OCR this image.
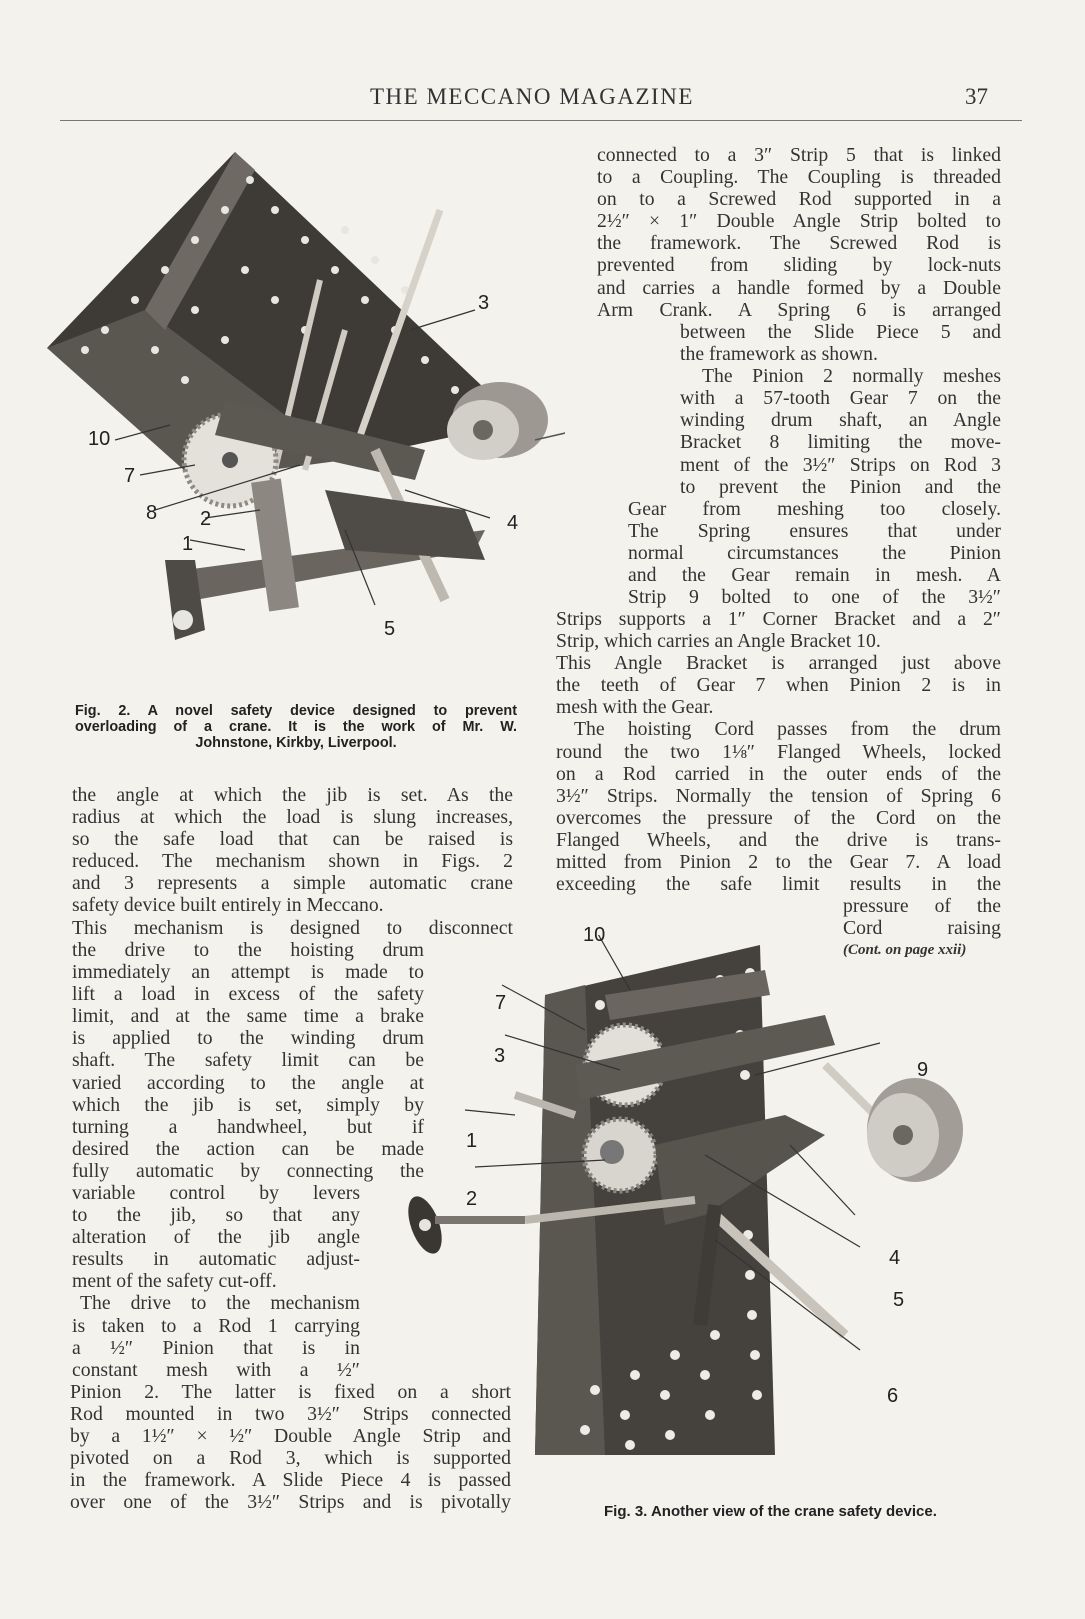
THE MECCANO MAGAZINE	37
3
10
7
8 2
1
4
5
Fig. 2. A novel safety device designed to prevent
overloading of a crane. It is the work of Mr. W.
Johnstone, Kirkby, Liverpool.

connected to a 3″ Strip 5 that is linked

to a Coupling. The Coupling is threaded

on to a Screwed Rod supported in a

2½″ × 1″ Double Angle Strip bolted to

the framework. The Screwed Rod is

prevented from sliding by lock-nuts

and carries a handle formed by a Double

Arm Crank. A Spring 6 is arranged

between the Slide Piece 5 and

the framework as shown.

The Pinion 2 normally meshes

with a 57-tooth Gear 7 on the

winding drum shaft, an Angle

Bracket 8 limiting the move-

ment of the 3½″ Strips on Rod 3

to prevent the Pinion and the

Gear from meshing too closely.

The Spring ensures that under

normal circumstances the Pinion

and the Gear remain in mesh. A

Strip 9 bolted to one of the 3½″

Strips supports a 1″ Corner Bracket and a 2″

Strip, which carries an Angle Bracket 10.

This Angle Bracket is arranged just above

the teeth of Gear 7 when Pinion 2 is in

mesh with the Gear.

The hoisting Cord passes from the drum

round the two 1⅛″ Flanged Wheels, locked

on a Rod carried in the outer ends of the

3½″ Strips. Normally the tension of Spring 6

overcomes the pressure of the Cord on the

Flanged Wheels, and the drive is trans-

mitted from Pinion 2 to the Gear 7. A load

exceeding the safe limit results in the

pressure of the

Cord raising

(Cont. on page xxii)

the angle at which the jib is set. As the

radius at which the load is slung increases,

so the safe load that can be raised is

reduced. The mechanism shown in Figs. 2

and 3 represents a simple automatic crane

safety device built entirely in Meccano.

This mechanism is designed to disconnect

the drive to the hoisting drum

immediately an attempt is made to

lift a load in excess of the safety

limit, and at the same time a brake

is applied to the winding drum

shaft. The safety limit can be

varied according to the angle at

which the jib is set, simply by

turning a handwheel, but if

desired the action can be made

fully automatic by connecting the

variable control by levers

to the jib, so that any

alteration of the jib angle

results in automatic adjust-

ment of the safety cut-off.

The drive to the mechanism

is taken to a Rod 1 carrying

a ½″ Pinion that is in

constant mesh with a ½″

Pinion 2. The latter is fixed on a short

Rod mounted in two 3½″ Strips connected

by a 1½″ × ½″ Double Angle Strip and

pivoted on a Rod 3, which is supported

in the framework. A Slide Piece 4 is passed

over one of the 3½″ Strips and is pivotally

10
7
3
9
1
2
4
5
6
Fig. 3. Another view of the crane safety device.
